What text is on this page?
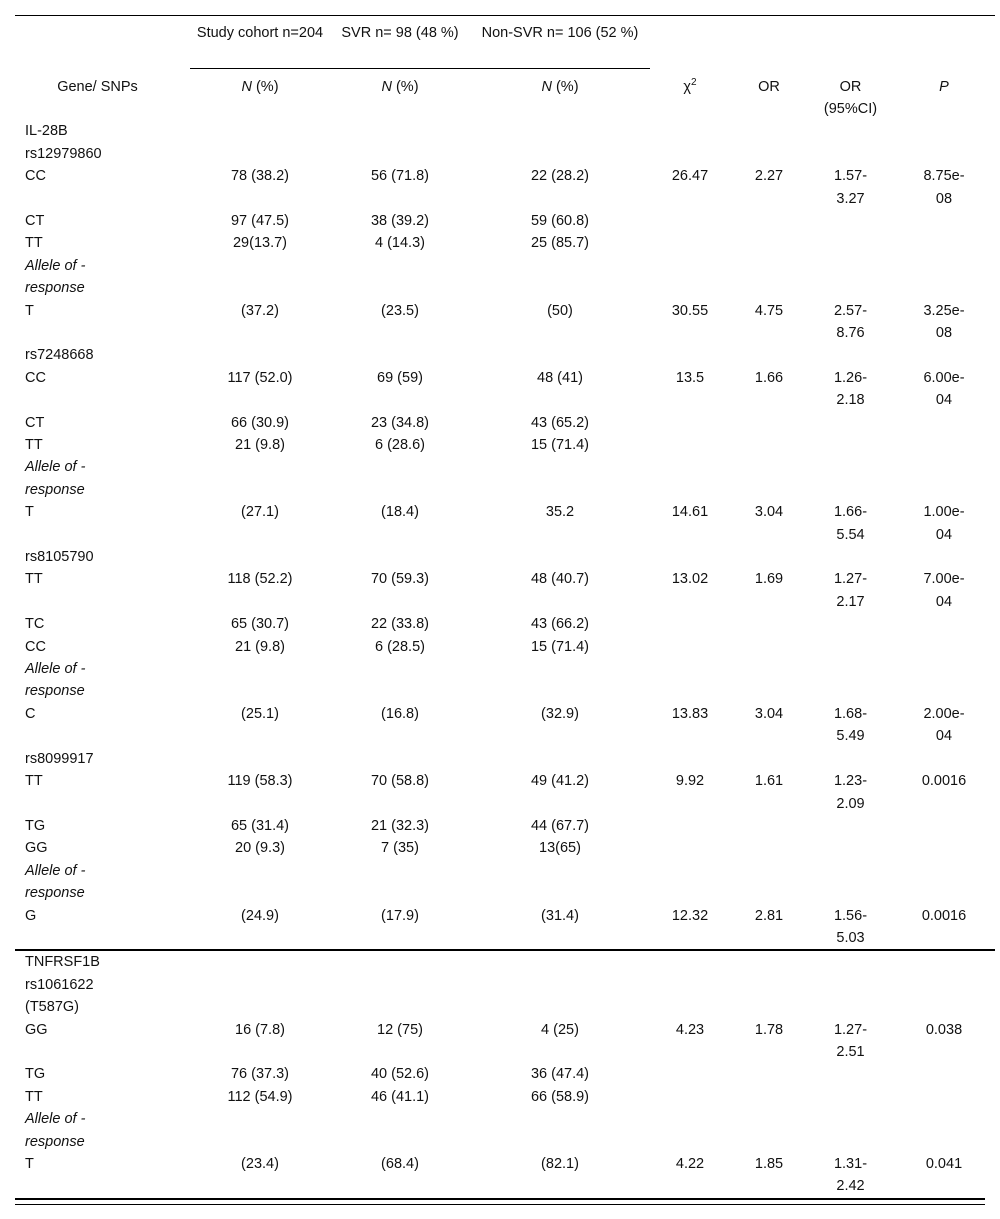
	Study cohort n=204	SVR n= 98 (48 %)	Non-SVR n= 106 (52 %)				
Gene/ SNPs	N (%)	N (%)	N (%)	$\chi^2$	OR	OR (95%CI)	P

IL-28B rs12979860							

CC	78 (38.2)	56 (71.8)	22 (28.2)	26.47	2.27	1.57-3.27	8.75e-08

CT	97 (47.5)	38 (39.2)	59 (60.8)				

TT	29(13.7)	4 (14.3)	25 (85.7)				

Allele of -response							

T	(37.2)	(23.5)	(50)	30.55	4.75	2.57-8.76	3.25e-08

rs7248668							

CC	117 (52.0)	69 (59)	48 (41)	13.5	1.66	1.26-2.18	6.00e-04

CT	66 (30.9)	23 (34.8)	43 (65.2)				

TT	21 (9.8)	6 (28.6)	15 (71.4)				

Allele of -response							

T	(27.1)	(18.4)	35.2	14.61	3.04	1.66-5.54	1.00e-04

rs8105790							

TT	118 (52.2)	70 (59.3)	48 (40.7)	13.02	1.69	1.27-2.17	7.00e-04

TC	65 (30.7)	22 (33.8)	43 (66.2)				

CC	21 (9.8)	6 (28.5)	15 (71.4)				

Allele of -response							

C	(25.1)	(16.8)	(32.9)	13.83	3.04	1.68-5.49	2.00e-04

rs8099917							

TT	119 (58.3)	70 (58.8)	49 (41.2)	9.92	1.61	1.23-2.09	0.0016

TG	65 (31.4)	21 (32.3)	44 (67.7)				

GG	20 (9.3)	7 (35)	13(65)				

Allele of -response							

G	(24.9)	(17.9)	(31.4)	12.32	2.81	1.56-5.03	0.0016

TNFRSF1B rs1061622 (T587G)							

GG	16 (7.8)	12 (75)	4 (25)	4.23	1.78	1.27-2.51	0.038

TG	76 (37.3)	40 (52.6)	36 (47.4)				

TT	112 (54.9)	46 (41.1)	66 (58.9)				

Allele of -response							

T	(23.4)	(68.4)	(82.1)	4.22	1.85	1.31-2.42	0.041
